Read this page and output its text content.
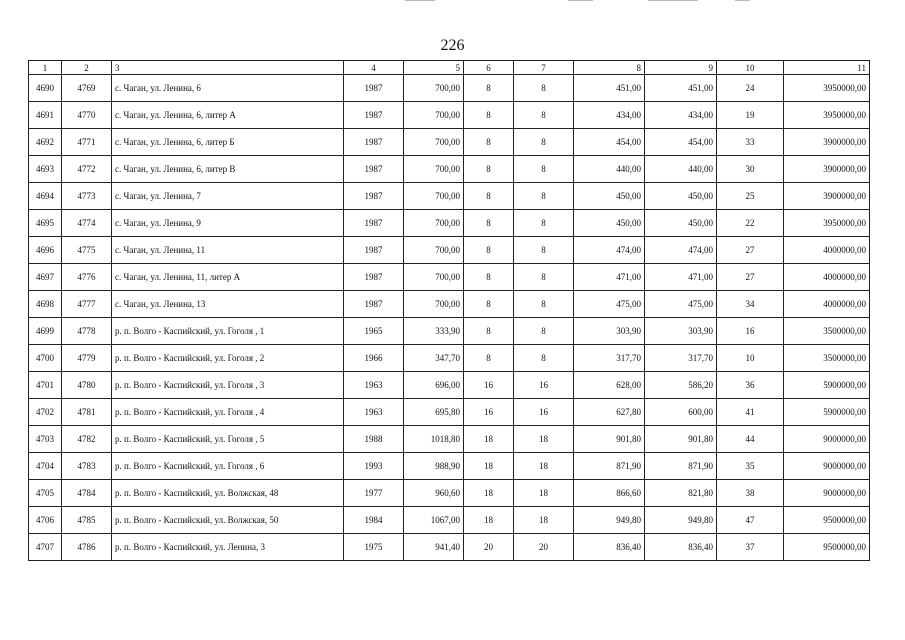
226
1	2	3	4	5	6	7	8	9	10	11
4690	4769	с. Чаган, ул. Ленина, 6	1987	700,00	8	8	451,00	451,00	24	3950000,00
4691	4770	с. Чаган, ул. Ленина, 6, литер А	1987	700,00	8	8	434,00	434,00	19	3950000,00
4692	4771	с. Чаган, ул. Ленина, 6, литер Б	1987	700,00	8	8	454,00	454,00	33	3900000,00
4693	4772	с. Чаган, ул. Ленина, 6, литер В	1987	700,00	8	8	440,00	440,00	30	3900000,00
4694	4773	с. Чаган, ул. Ленина, 7	1987	700,00	8	8	450,00	450,00	25	3900000,00
4695	4774	с. Чаган, ул. Ленина, 9	1987	700,00	8	8	450,00	450,00	22	3950000,00
4696	4775	с. Чаган, ул. Ленина, 11	1987	700,00	8	8	474,00	474,00	27	4000000,00
4697	4776	с. Чаган, ул. Ленина, 11, литер А	1987	700,00	8	8	471,00	471,00	27	4000000,00
4698	4777	с. Чаган, ул. Ленина, 13	1987	700,00	8	8	475,00	475,00	34	4000000,00
4699	4778	р. п. Волго - Каспийский, ул. Гоголя , 1	1965	333,90	8	8	303,90	303,90	16	3500000,00
4700	4779	р. п. Волго - Каспийский, ул. Гоголя , 2	1966	347,70	8	8	317,70	317,70	10	3500000,00
4701	4780	р. п. Волго - Каспийский, ул. Гоголя , 3	1963	696,00	16	16	628,00	586,20	36	5900000,00
4702	4781	р. п. Волго - Каспийский, ул. Гоголя , 4	1963	695,80	16	16	627,80	600,00	41	5900000,00
4703	4782	р. п. Волго - Каспийский, ул. Гоголя , 5	1988	1018,80	18	18	901,80	901,80	44	9000000,00
4704	4783	р. п. Волго - Каспийский, ул. Гоголя , 6	1993	988,90	18	18	871,90	871,90	35	9000000,00
4705	4784	р. п. Волго - Каспийский, ул. Волжская, 48	1977	960,60	18	18	866,60	821,80	38	9000000,00
4706	4785	р. п. Волго - Каспийский, ул. Волжская, 50	1984	1067,00	18	18	949,80	949,80	47	9500000,00
4707	4786	р. п. Волго - Каспийский, ул. Ленина, 3	1975	941,40	20	20	836,40	836,40	37	9500000,00
